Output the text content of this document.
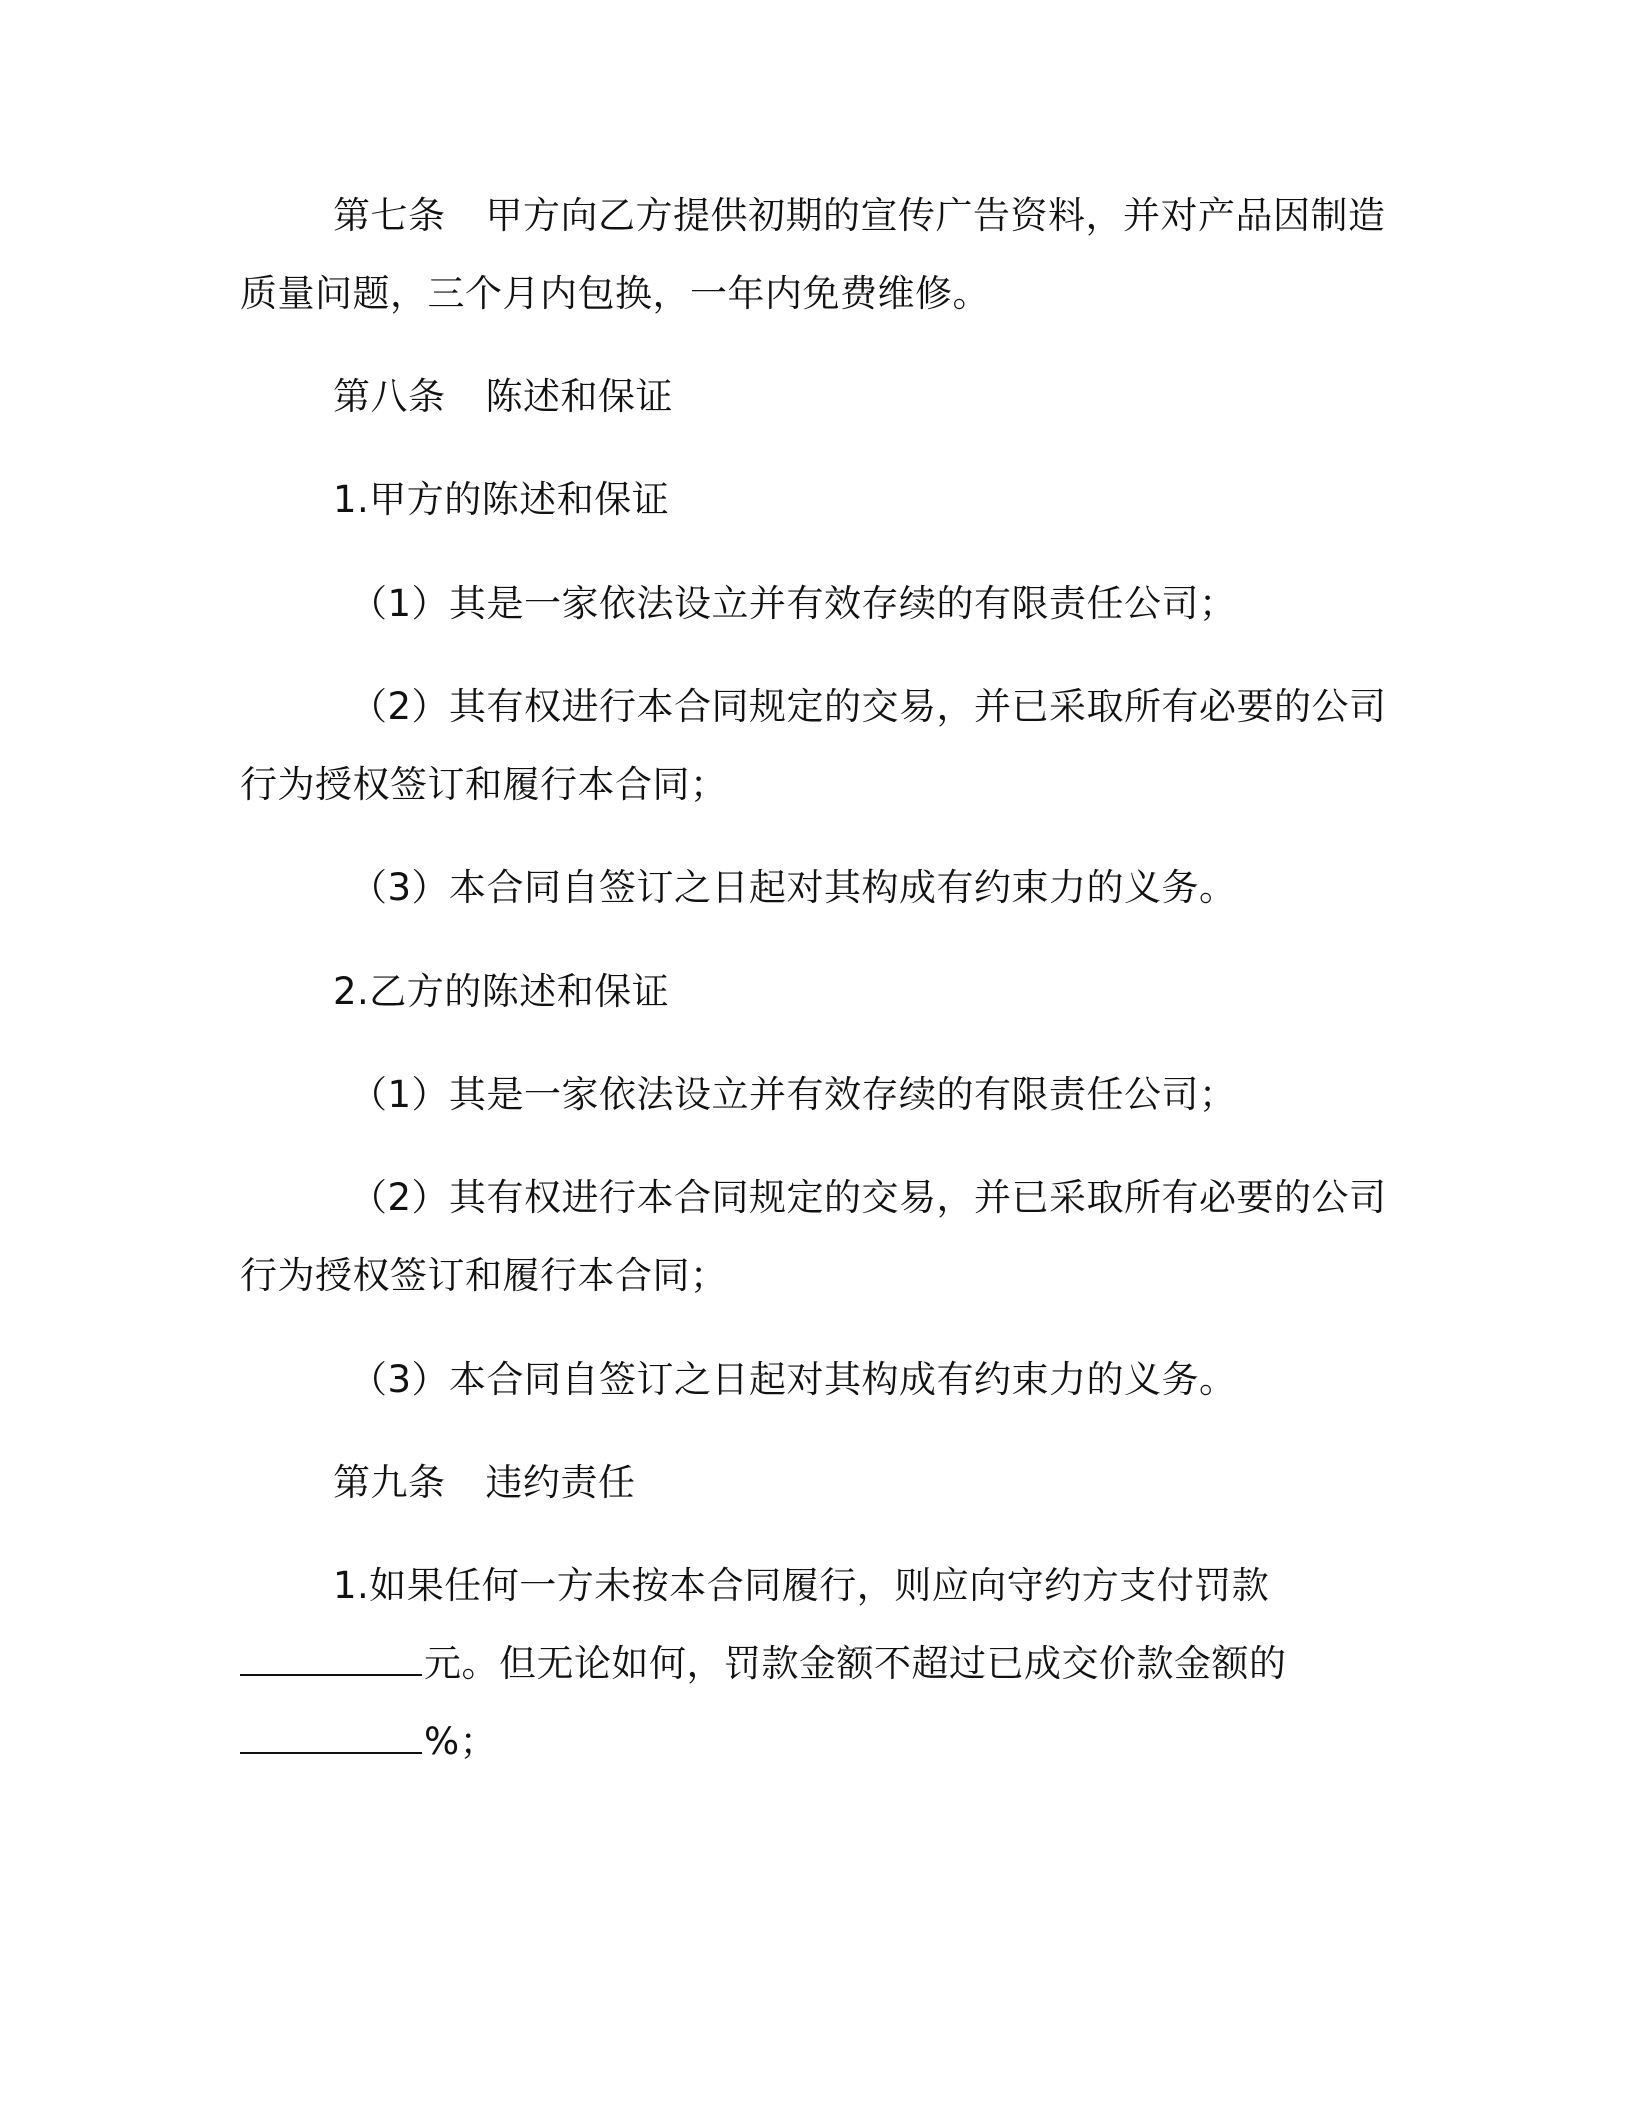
第七条 甲方向乙方提供初期的宣传广告资料，并对产品因制造
质量问题，三个月内包换，一年内免费维修。
第八条 陈述和保证
1.甲方的陈述和保证
（1）其是一家依法设立并有效存续的有限责任公司；
（2）其有权进行本合同规定的交易，并已采取所有必要的公司
行为授权签订和履行本合同；
（3）本合同自签订之日起对其构成有约束力的义务。
2.乙方的陈述和保证
（1）其是一家依法设立并有效存续的有限责任公司；
（2）其有权进行本合同规定的交易，并已采取所有必要的公司
行为授权签订和履行本合同；
（3）本合同自签订之日起对其构成有约束力的义务。
第九条 违约责任
1.如果任何一方未按本合同履行，则应向守约方支付罚款
元。但无论如何，罚款金额不超过已成交价款金额的
%；
